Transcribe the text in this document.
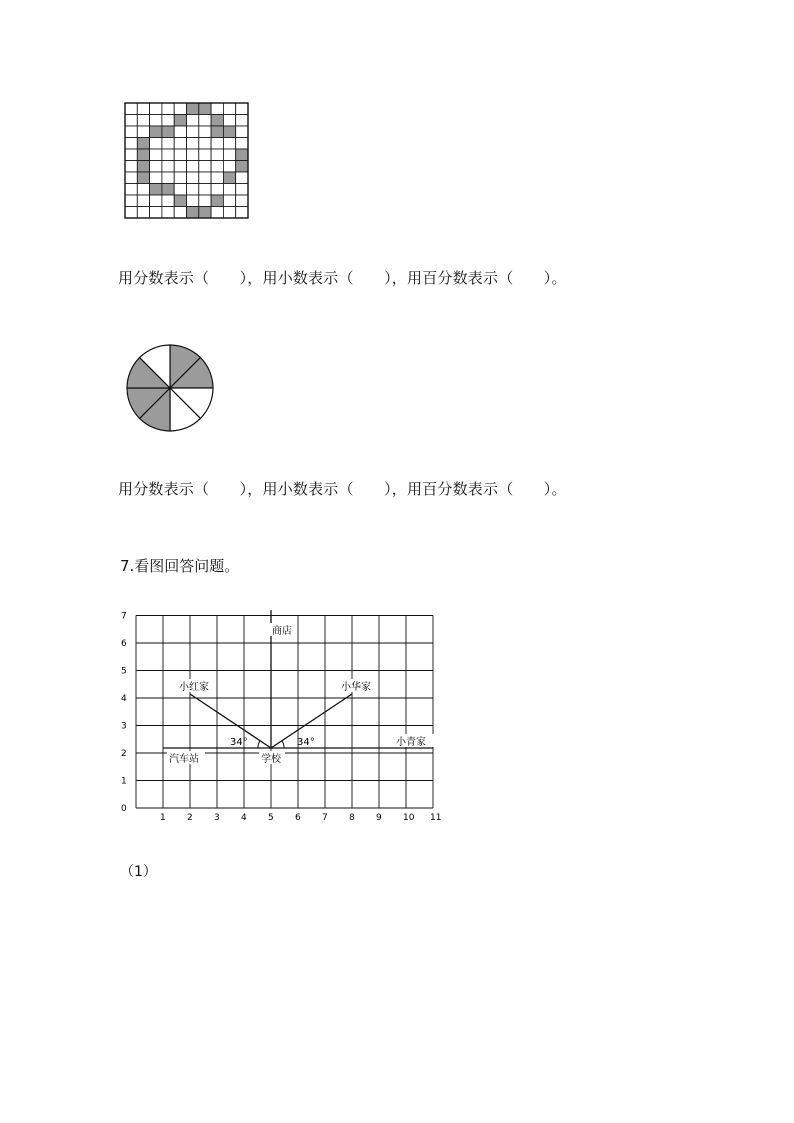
用分数表示（　　），用小数表示（　　），用百分数表示（　　）。
用分数表示（　　），用小数表示（　　），用百分数表示（　　）。
7.看图回答问题。
1 2 3 4 5 6 7 8 9 10 11
0
1
2
3
4
5
6
7
商店
小红家	小华家
34°	34°	小青家
汽车站	学校
（1）
